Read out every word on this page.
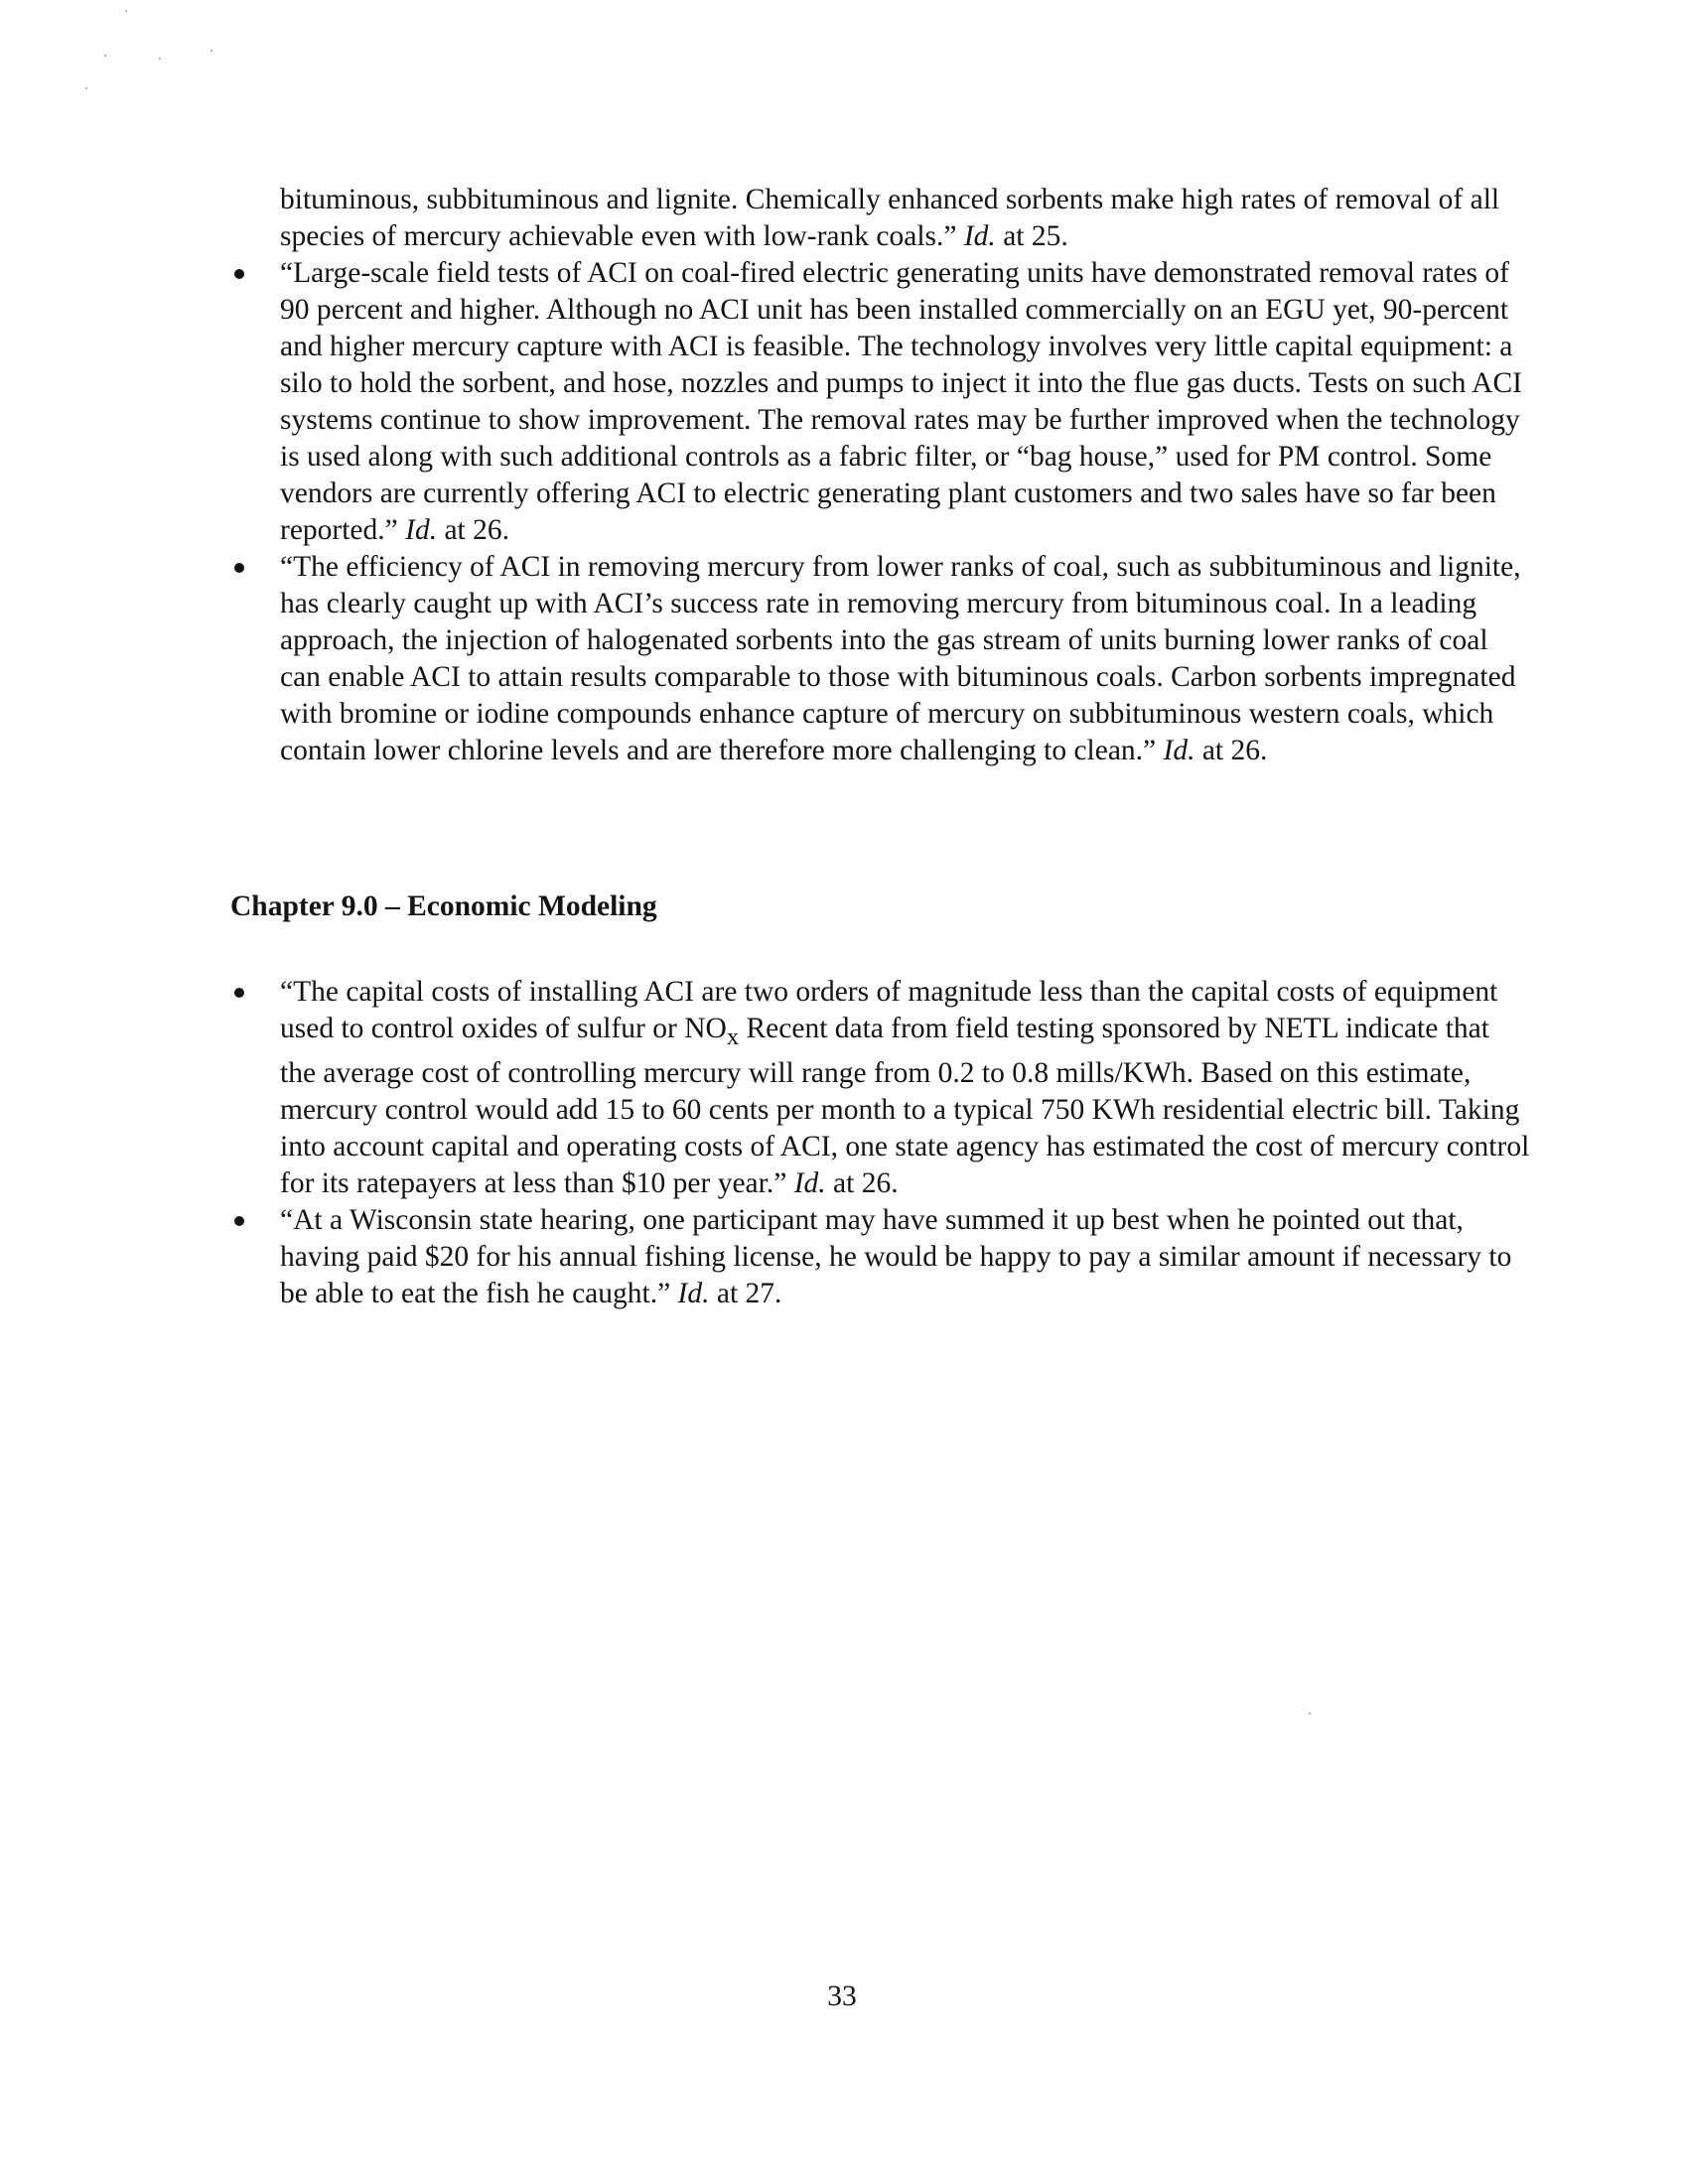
bituminous, subbituminous and lignite. Chemically enhanced sorbents make high rates of removal of all species of mercury achievable even with low-rank coals.” Id. at 25.

“Large-scale field tests of ACI on coal-fired electric generating units have demonstrated removal rates of 90 percent and higher. Although no ACI unit has been installed commercially on an EGU yet, 90-percent and higher mercury capture with ACI is feasible. The technology involves very little capital equipment: a silo to hold the sorbent, and hose, nozzles and pumps to inject it into the flue gas ducts. Tests on such ACI systems continue to show improvement. The removal rates may be further improved when the technology is used along with such additional controls as a fabric filter, or “bag house,” used for PM control. Some vendors are currently offering ACI to electric generating plant customers and two sales have so far been reported.” Id. at 26.
“The efficiency of ACI in removing mercury from lower ranks of coal, such as subbituminous and lignite, has clearly caught up with ACI’s success rate in removing mercury from bituminous coal. In a leading approach, the injection of halogenated sorbents into the gas stream of units burning lower ranks of coal can enable ACI to attain results comparable to those with bituminous coals. Carbon sorbents impregnated with bromine or iodine compounds enhance capture of mercury on subbituminous western coals, which contain lower chlorine levels and are therefore more challenging to clean.” Id. at 26.
Chapter 9.0 – Economic Modeling
“The capital costs of installing ACI are two orders of magnitude less than the capital costs of equipment used to control oxides of sulfur or $NO_x$ Recent data from field testing sponsored by NETL indicate that the average cost of controlling mercury will range from 0.2 to 0.8 mills/KWh. Based on this estimate, mercury control would add 15 to 60 cents per month to a typical 750 KWh residential electric bill. Taking into account capital and operating costs of ACI, one state agency has estimated the cost of mercury control for its ratepayers at less than $10 per year.” Id. at 26.
“At a Wisconsin state hearing, one participant may have summed it up best when he pointed out that, having paid $20 for his annual fishing license, he would be happy to pay a similar amount if necessary to be able to eat the fish he caught.” Id. at 27.
33
